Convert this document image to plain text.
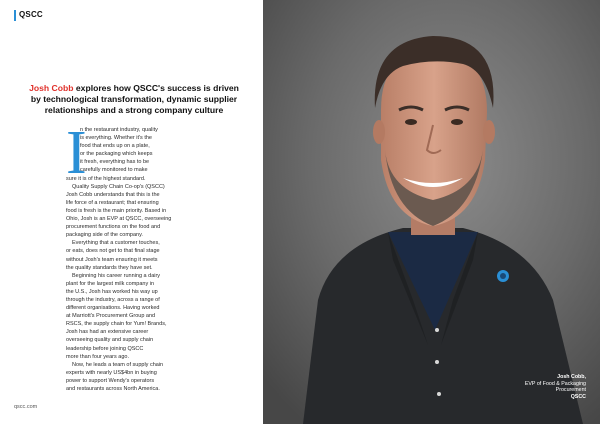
QSCC
Josh Cobb explores how QSCC's success is driven
by technological transformation, dynamic supplier
relationships and a strong company culture
I
n the restaurant industry, quality
is everything. Whether it's the
food that ends up on a plate,
or the packaging which keeps
it fresh, everything has to be
carefully monitored to make
sure it is of the highest standard.
Quality Supply Chain Co-op's (QSCC)
Josh Cobb understands that this is the
life force of a restaurant; that ensuring
food is fresh is the main priority. Based in
Ohio, Josh is an EVP at QSCC, overseeing
procurement functions on the food and
packaging side of the company.
Everything that a customer touches,
or eats, does not get to that final stage
without Josh's team ensuring it meets
the quality standards they have set.
Beginning his career running a dairy
plant for the largest milk company in
the U.S., Josh has worked his way up
through the industry, across a range of
different organisations. Having worked
at Marriott's Procurement Group and
RSCS, the supply chain for Yum! Brands,
Josh has had an extensive career
overseeing quality and supply chain
leadership before joining QSCC
more than four years ago.
Now, he leads a team of supply chain
experts with nearly US$4bn in buying
power to support Wendy's operators
and restaurants across North America.
qscc.com
Josh Cobb,
EVP of Food & Packaging
Procurement
QSCC
